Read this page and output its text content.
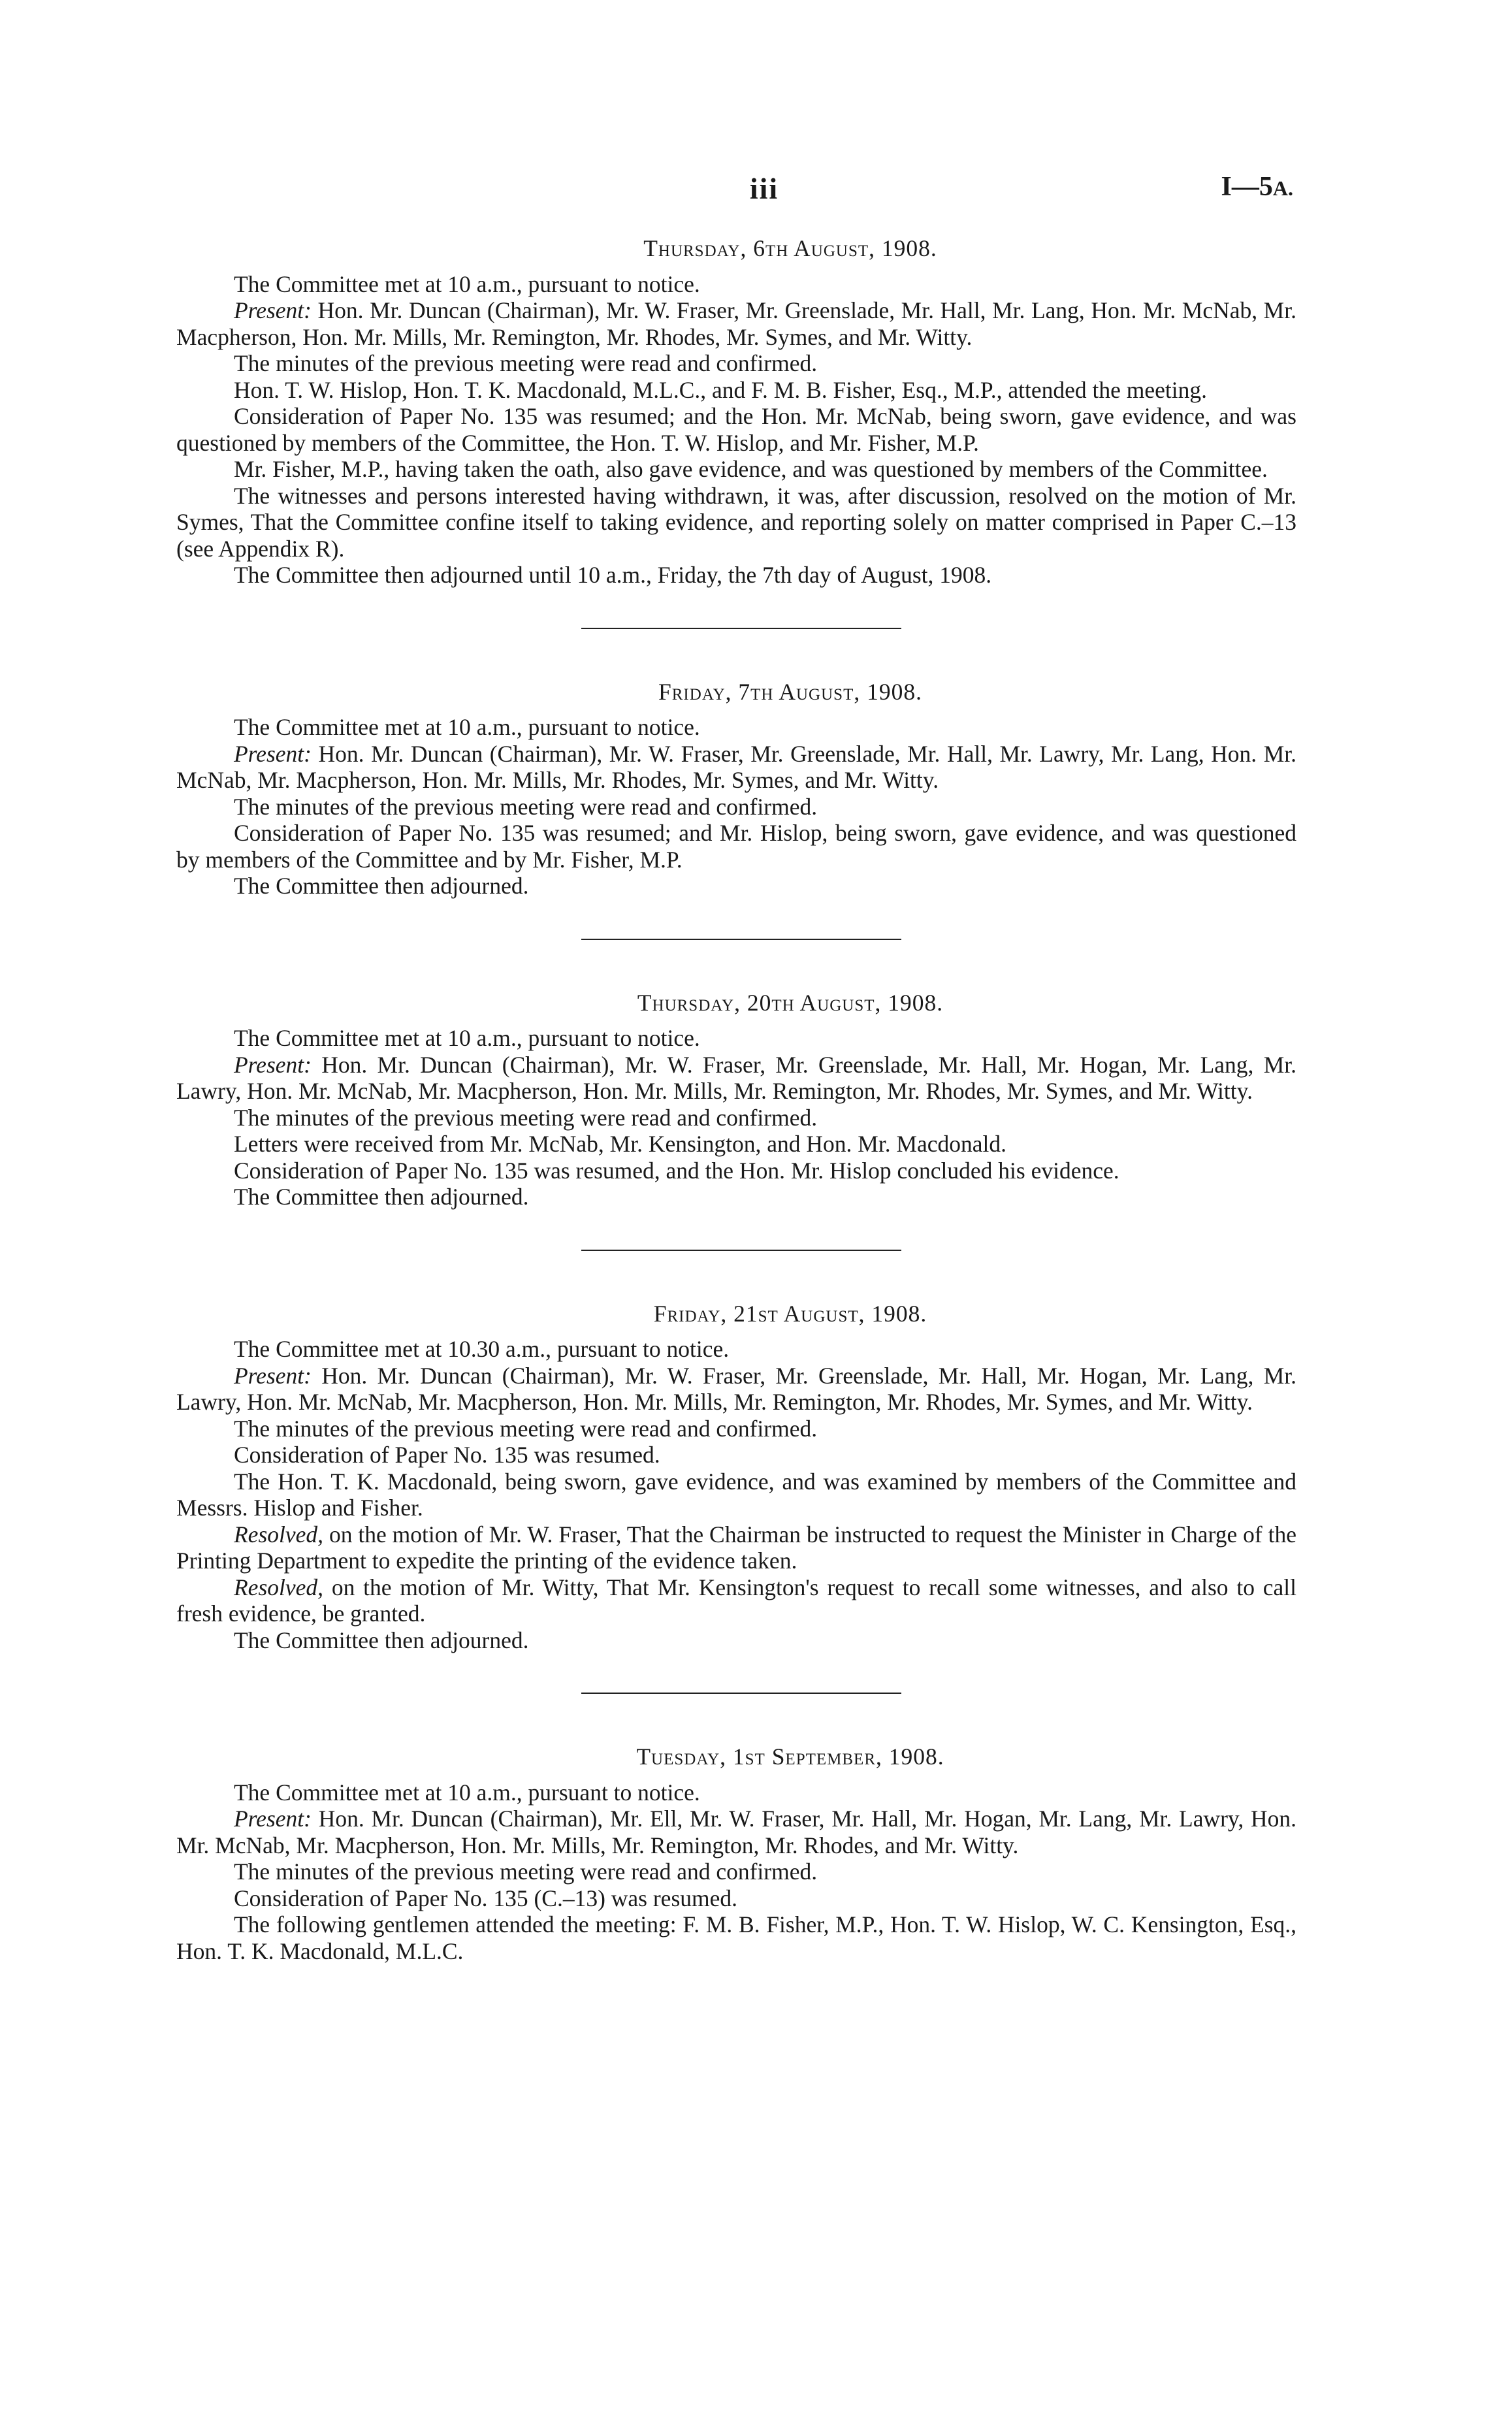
iii	I—5A.
Thursday, 6th August, 1908.

The Committee met at 10 a.m., pursuant to notice.

Present: Hon. Mr. Duncan (Chairman), Mr. W. Fraser, Mr. Greenslade, Mr. Hall, Mr. Lang, Hon. Mr. McNab, Mr. Macpherson, Hon. Mr. Mills, Mr. Remington, Mr. Rhodes, Mr. Symes, and Mr. Witty.

The minutes of the previous meeting were read and confirmed.

Hon. T. W. Hislop, Hon. T. K. Macdonald, M.L.C., and F. M. B. Fisher, Esq., M.P., attended the meeting.

Consideration of Paper No. 135 was resumed; and the Hon. Mr. McNab, being sworn, gave evidence, and was questioned by members of the Committee, the Hon. T. W. Hislop, and Mr. Fisher, M.P.

Mr. Fisher, M.P., having taken the oath, also gave evidence, and was questioned by members of the Committee.

The witnesses and persons interested having withdrawn, it was, after discussion, resolved on the motion of Mr. Symes, That the Committee confine itself to taking evidence, and reporting solely on matter comprised in Paper C.–13 (see Appendix R).

The Committee then adjourned until 10 a.m., Friday, the 7th day of August, 1908.

Friday, 7th August, 1908.

The Committee met at 10 a.m., pursuant to notice.

Present: Hon. Mr. Duncan (Chairman), Mr. W. Fraser, Mr. Greenslade, Mr. Hall, Mr. Lawry, Mr. Lang, Hon. Mr. McNab, Mr. Macpherson, Hon. Mr. Mills, Mr. Rhodes, Mr. Symes, and Mr. Witty.

The minutes of the previous meeting were read and confirmed.

Consideration of Paper No. 135 was resumed; and Mr. Hislop, being sworn, gave evidence, and was questioned by members of the Committee and by Mr. Fisher, M.P.

The Committee then adjourned.

Thursday, 20th August, 1908.

The Committee met at 10 a.m., pursuant to notice.

Present: Hon. Mr. Duncan (Chairman), Mr. W. Fraser, Mr. Greenslade, Mr. Hall, Mr. Hogan, Mr. Lang, Mr. Lawry, Hon. Mr. McNab, Mr. Macpherson, Hon. Mr. Mills, Mr. Remington, Mr. Rhodes, Mr. Symes, and Mr. Witty.

The minutes of the previous meeting were read and confirmed.

Letters were received from Mr. McNab, Mr. Kensington, and Hon. Mr. Macdonald.

Consideration of Paper No. 135 was resumed, and the Hon. Mr. Hislop concluded his evidence.

The Committee then adjourned.

Friday, 21st August, 1908.

The Committee met at 10.30 a.m., pursuant to notice.

Present: Hon. Mr. Duncan (Chairman), Mr. W. Fraser, Mr. Greenslade, Mr. Hall, Mr. Hogan, Mr. Lang, Mr. Lawry, Hon. Mr. McNab, Mr. Macpherson, Hon. Mr. Mills, Mr. Remington, Mr. Rhodes, Mr. Symes, and Mr. Witty.

The minutes of the previous meeting were read and confirmed.

Consideration of Paper No. 135 was resumed.

The Hon. T. K. Macdonald, being sworn, gave evidence, and was examined by members of the Committee and Messrs. Hislop and Fisher.

Resolved, on the motion of Mr. W. Fraser, That the Chairman be instructed to request the Minister in Charge of the Printing Department to expedite the printing of the evidence taken.

Resolved, on the motion of Mr. Witty, That Mr. Kensington's request to recall some witnesses, and also to call fresh evidence, be granted.

The Committee then adjourned.

Tuesday, 1st September, 1908.

The Committee met at 10 a.m., pursuant to notice.

Present: Hon. Mr. Duncan (Chairman), Mr. Ell, Mr. W. Fraser, Mr. Hall, Mr. Hogan, Mr. Lang, Mr. Lawry, Hon. Mr. McNab, Mr. Macpherson, Hon. Mr. Mills, Mr. Remington, Mr. Rhodes, and Mr. Witty.

The minutes of the previous meeting were read and confirmed.

Consideration of Paper No. 135 (C.–13) was resumed.

The following gentlemen attended the meeting: F. M. B. Fisher, M.P., Hon. T. W. Hislop, W. C. Kensington, Esq., Hon. T. K. Macdonald, M.L.C.
